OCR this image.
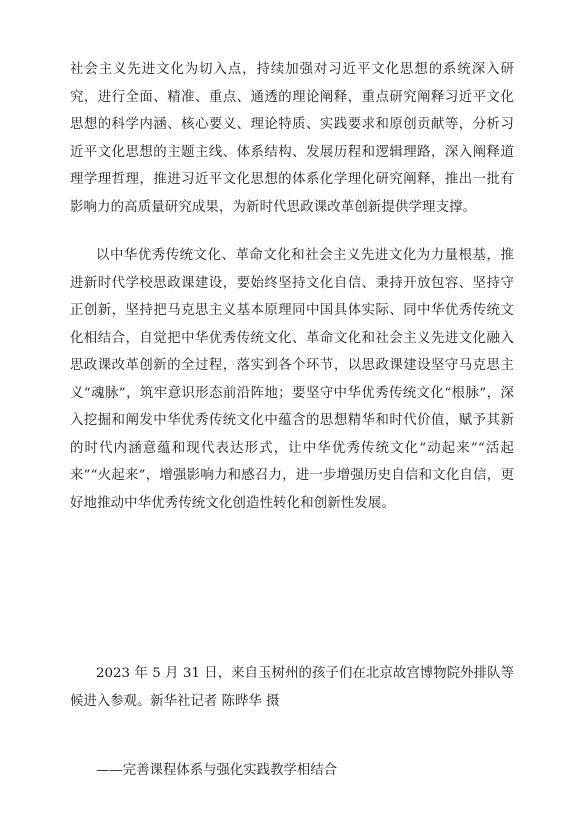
社会主义先进文化为切入点，持续加强对习近平文化思想的系统深入研究，进行全面、精准、重点、通透的理论阐释，重点研究阐释习近平文化思想的科学内涵、核心要义、理论特质、实践要求和原创贡献等，分析习近平文化思想的主题主线、体系结构、发展历程和逻辑理路，深入阐释道理学理哲理，推进习近平文化思想的体系化学理化研究阐释，推出一批有影响力的高质量研究成果，为新时代思政课改革创新提供学理支撑。

以中华优秀传统文化、革命文化和社会主义先进文化为力量根基，推进新时代学校思政课建设，要始终坚持文化自信、秉持开放包容、坚持守正创新，坚持把马克思主义基本原理同中国具体实际、同中华优秀传统文化相结合，自觉把中华优秀传统文化、革命文化和社会主义先进文化融入思政课改革创新的全过程，落实到各个环节，以思政课建设坚守马克思主义“魂脉”，筑牢意识形态前沿阵地；要坚守中华优秀传统文化“根脉”，深入挖掘和阐发中华优秀传统文化中蕴含的思想精华和时代价值，赋予其新的时代内涵意蕴和现代表达形式，让中华优秀传统文化“动起来”“活起来”“火起来”，增强影响力和感召力，进一步增强历史自信和文化自信，更好地推动中华优秀传统文化创造性转化和创新性发展。

2023 年 5 月 31 日，来自玉树州的孩子们在北京故宫博物院外排队等候进入参观。新华社记者 陈晔华 摄

——完善课程体系与强化实践教学相结合
